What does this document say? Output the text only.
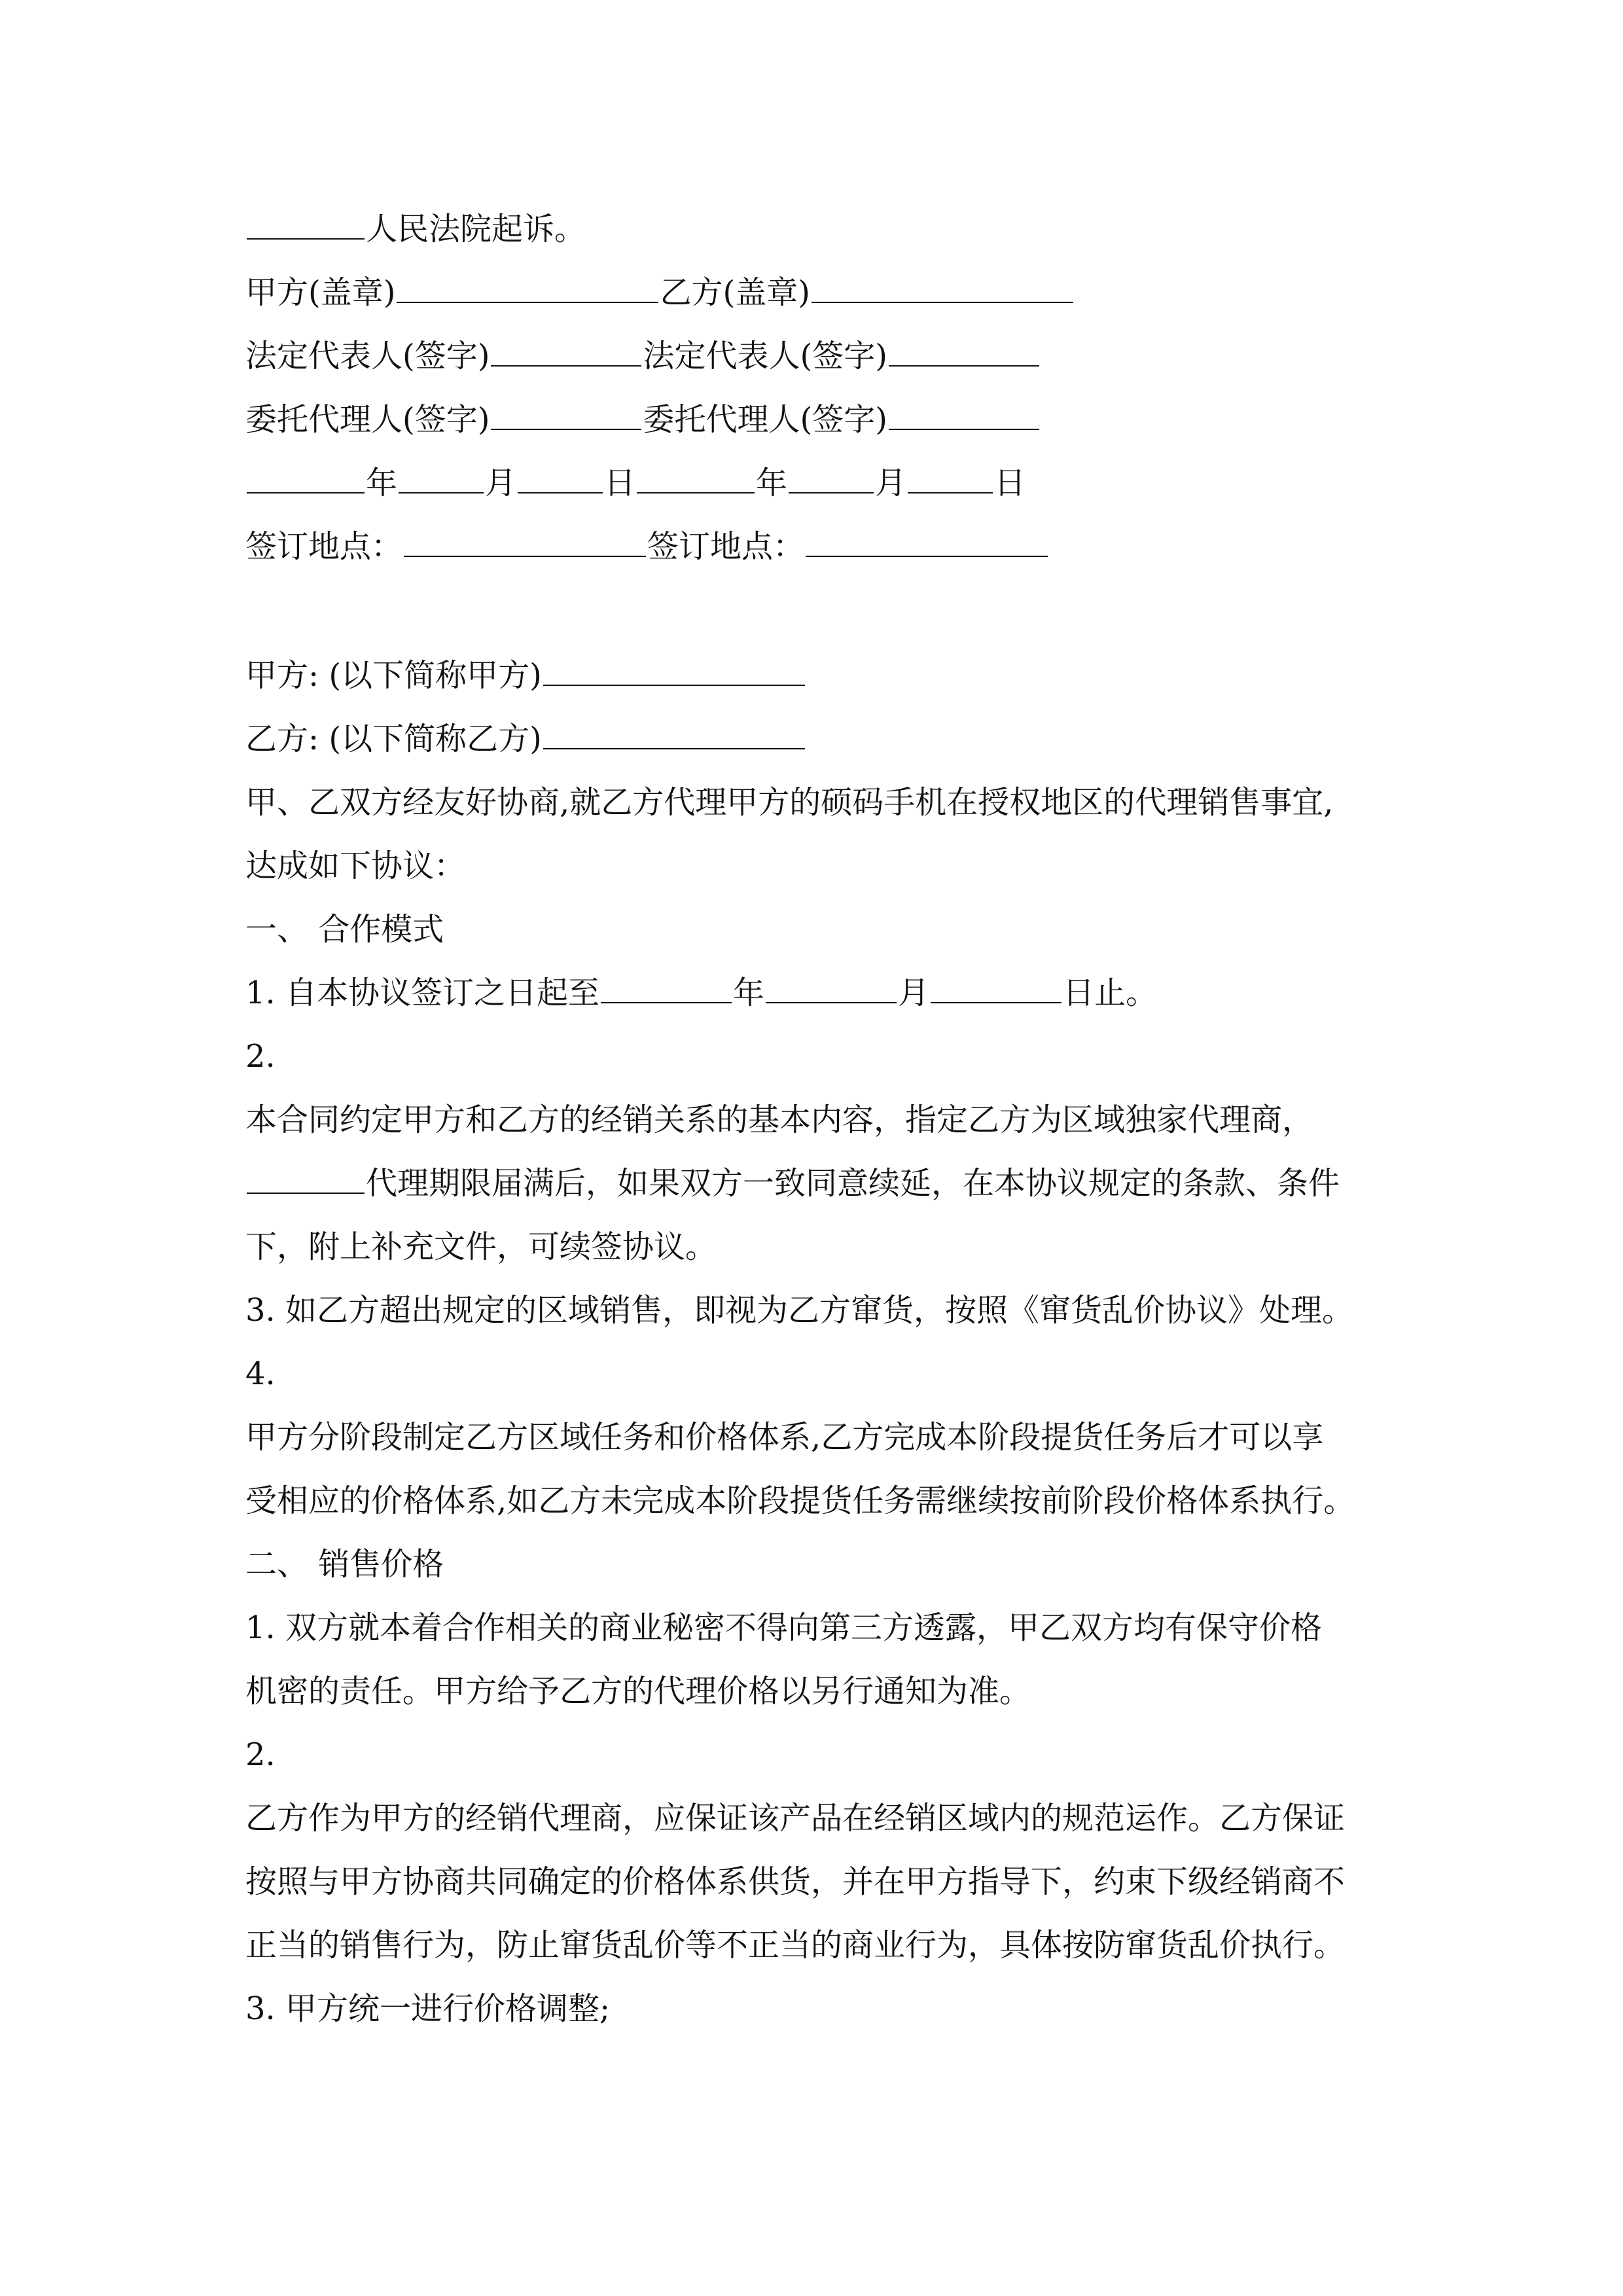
人民法院起诉。
甲方(盖章)	乙方(盖章)
法定代表人(签字)	法定代表人(签字)
委托代理人(签字)	委托代理人(签字)
年	月	日	年	月	日
签订地点：	签订地点：
甲方: (以下简称甲方)
乙方: (以下简称乙方)
甲、乙双方经友好协商,就乙方代理甲方的硕码手机在授权地区的代理销售事宜,
达成如下协议：
一、 合作模式
1. 自本协议签订之日起至	年	月	日止。
2.
本合同约定甲方和乙方的经销关系的基本内容，指定乙方为区域独家代理商，
代理期限届满后，如果双方一致同意续延，在本协议规定的条款、条件
下，附上补充文件，可续签协议。
3. 如乙方超出规定的区域销售，即视为乙方窜货，按照《窜货乱价协议》处理。
4.
甲方分阶段制定乙方区域任务和价格体系,乙方完成本阶段提货任务后才可以享
受相应的价格体系,如乙方未完成本阶段提货任务需继续按前阶段价格体系执行。
二、 销售价格
1. 双方就本着合作相关的商业秘密不得向第三方透露，甲乙双方均有保守价格
机密的责任。甲方给予乙方的代理价格以另行通知为准。
2.
乙方作为甲方的经销代理商，应保证该产品在经销区域内的规范运作。乙方保证
按照与甲方协商共同确定的价格体系供货，并在甲方指导下，约束下级经销商不
正当的销售行为，防止窜货乱价等不正当的商业行为，具体按防窜货乱价执行。
3. 甲方统一进行价格调整;
